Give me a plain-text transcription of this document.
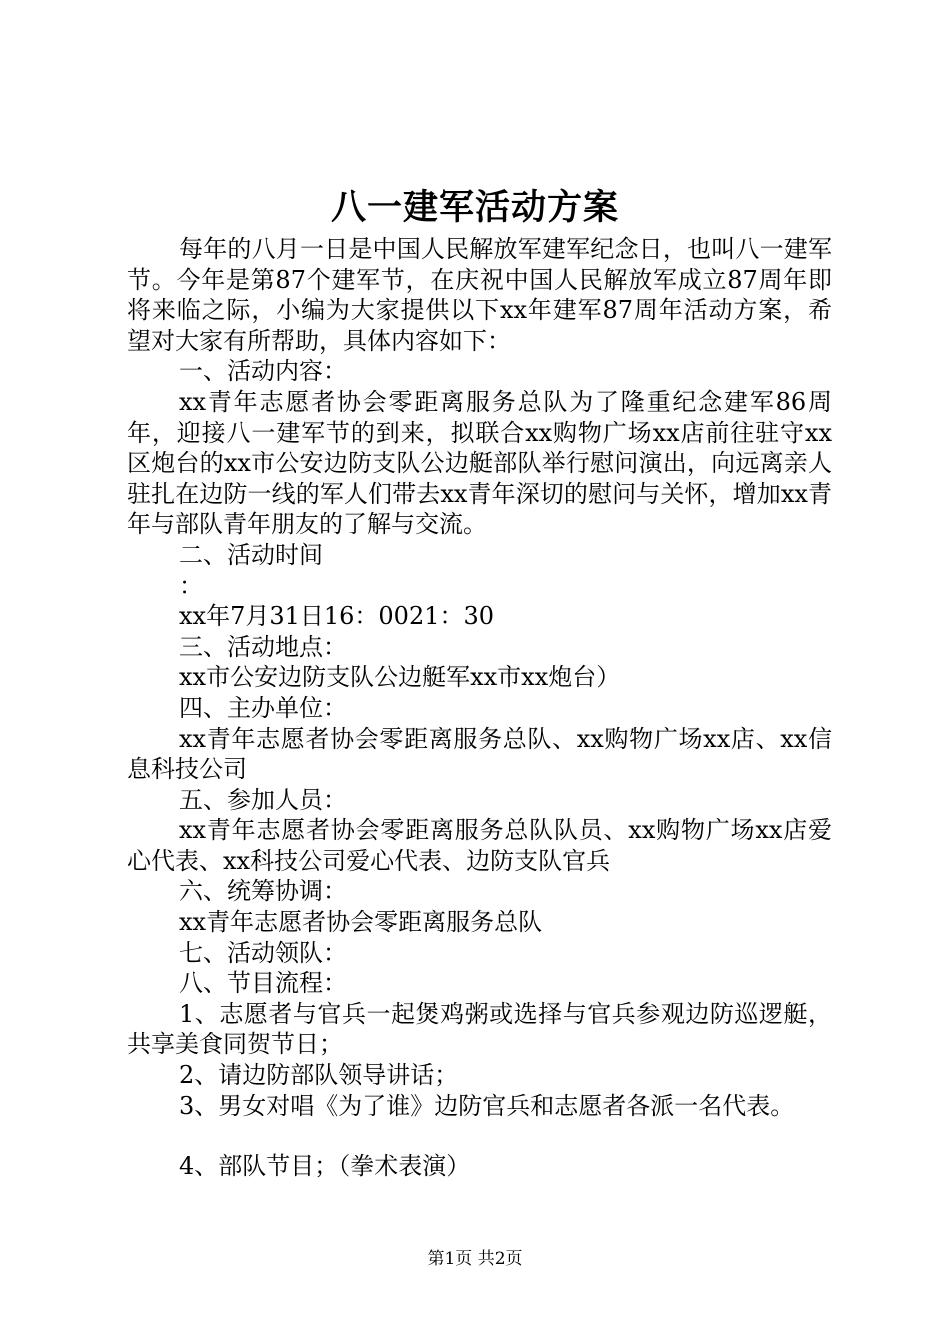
八一建军活动方案

每年的八月一日是中国人民解放军建军纪念日，也叫八一建军节。今年是第87个建军节，在庆祝中国人民解放军成立87周年即将来临之际，小编为大家提供以下xx年建军87周年活动方案，希望对大家有所帮助，具体内容如下：

一、活动内容：

xx青年志愿者协会零距离服务总队为了隆重纪念建军86周年，迎接八一建军节的到来，拟联合xx购物广场xx店前往驻守xx区炮台的xx市公安边防支队公边艇部队举行慰问演出，向远离亲人驻扎在边防一线的军人们带去xx青年深切的慰问与关怀，增加xx青年与部队青年朋友的了解与交流。

二、活动时间

：

xx年7月31日16：0021：30

三、活动地点：

xx市公安边防支队公边艇军xx市xx炮台）

四、主办单位：

xx青年志愿者协会零距离服务总队、xx购物广场xx店、xx信息科技公司

五、参加人员：

xx青年志愿者协会零距离服务总队队员、xx购物广场xx店爱心代表、xx科技公司爱心代表、边防支队官兵

六、统筹协调：

xx青年志愿者协会零距离服务总队

七、活动领队：

八、节目流程：

1、志愿者与官兵一起煲鸡粥或选择与官兵参观边防巡逻艇，共享美食同贺节日；

2、请边防部队领导讲话；

3、男女对唱《为了谁》边防官兵和志愿者各派一名代表。

4、部队节目；（拳术表演）

第1页 共2页
